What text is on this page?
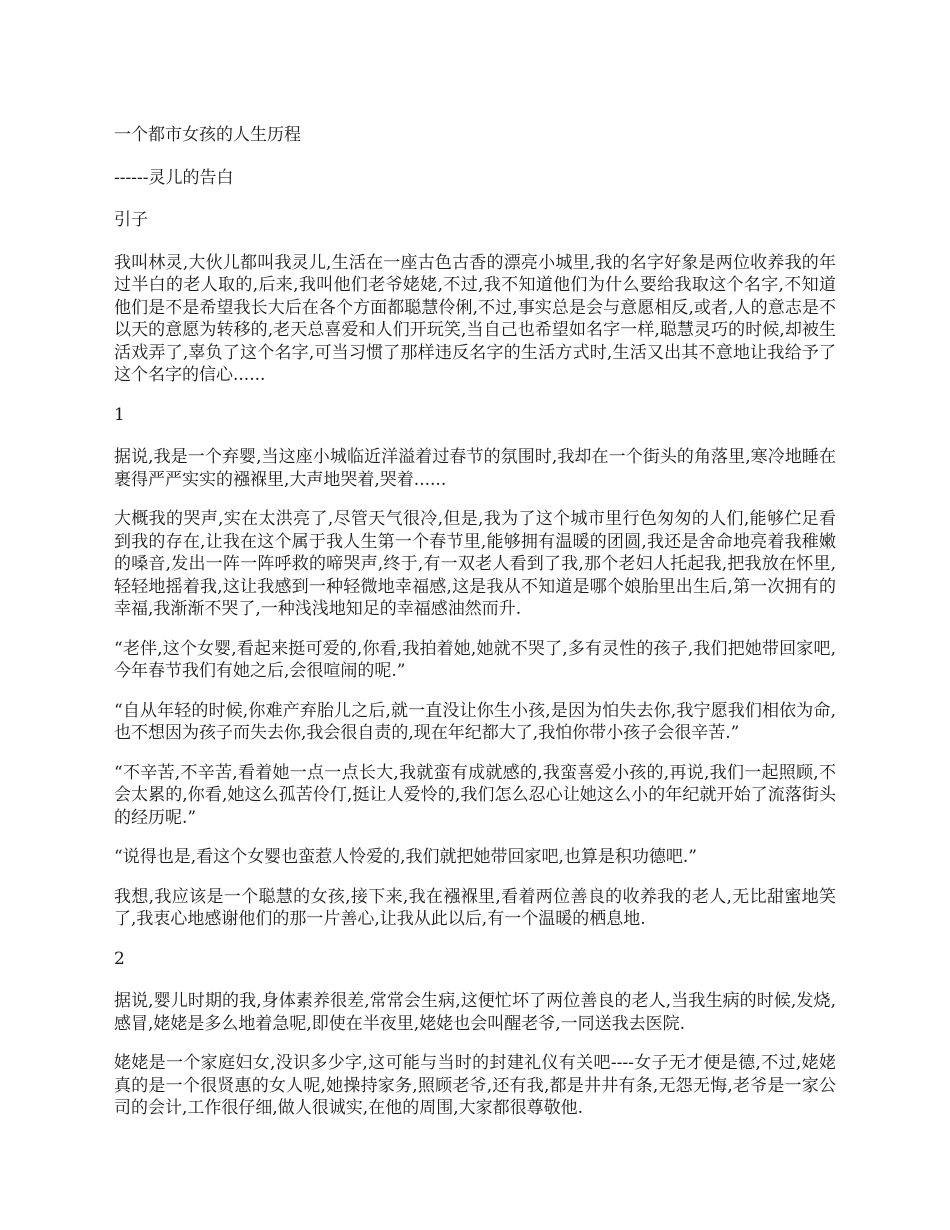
一个都市女孩的人生历程

------灵儿的告白

引子

我叫林灵,大伙儿都叫我灵儿,生活在一座古色古香的漂亮小城里,我的名字好象是两位收养我的年过半白的老人取的,后来,我叫他们老爷姥姥,不过,我不知道他们为什么要给我取这个名字,不知道他们是不是希望我长大后在各个方面都聪慧伶俐,不过,事实总是会与意愿相反,或者,人的意志是不以天的意愿为转移的,老天总喜爱和人们开玩笑,当自己也希望如名字一样,聪慧灵巧的时候,却被生活戏弄了,辜负了这个名字,可当习惯了那样违反名字的生活方式时,生活又出其不意地让我给予了这个名字的信心......

1

据说,我是一个弃婴,当这座小城临近洋溢着过春节的氛围时,我却在一个街头的角落里,寒冷地睡在裹得严严实实的襁褓里,大声地哭着,哭着......

大概我的哭声,实在太洪亮了,尽管天气很冷,但是,我为了这个城市里行色匆匆的人们,能够伫足看到我的存在,让我在这个属于我人生第一个春节里,能够拥有温暖的团圆,我还是舍命地亮着我稚嫩的嗓音,发出一阵一阵呼救的啼哭声,终于,有一双老人看到了我,那个老妇人托起我,把我放在怀里,轻轻地摇着我,这让我感到一种轻微地幸福感,这是我从不知道是哪个娘胎里出生后,第一次拥有的幸福,我渐渐不哭了,一种浅浅地知足的幸福感油然而升.

“老伴,这个女婴,看起来挺可爱的,你看,我拍着她,她就不哭了,多有灵性的孩子,我们把她带回家吧,今年春节我们有她之后,会很喧闹的呢.”

“自从年轻的时候,你难产弃胎儿之后,就一直没让你生小孩,是因为怕失去你,我宁愿我们相依为命,也不想因为孩子而失去你,我会很自责的,现在年纪都大了,我怕你带小孩子会很辛苦.”

“不辛苦,不辛苦,看着她一点一点长大,我就蛮有成就感的,我蛮喜爱小孩的,再说,我们一起照顾,不会太累的,你看,她这么孤苦伶仃,挺让人爱怜的,我们怎么忍心让她这么小的年纪就开始了流落街头的经历呢.”

“说得也是,看这个女婴也蛮惹人怜爱的,我们就把她带回家吧,也算是积功德吧.”

我想,我应该是一个聪慧的女孩,接下来,我在襁褓里,看着两位善良的收养我的老人,无比甜蜜地笑了,我衷心地感谢他们的那一片善心,让我从此以后,有一个温暖的栖息地.

2

据说,婴儿时期的我,身体素养很差,常常会生病,这便忙坏了两位善良的老人,当我生病的时候,发烧,感冒,姥姥是多么地着急呢,即使在半夜里,姥姥也会叫醒老爷,一同送我去医院.

姥姥是一个家庭妇女,没识多少字,这可能与当时的封建礼仪有关吧----女子无才便是德,不过,姥姥真的是一个很贤惠的女人呢,她操持家务,照顾老爷,还有我,都是井井有条,无怨无悔,老爷是一家公司的会计,工作很仔细,做人很诚实,在他的周围,大家都很尊敬他.
